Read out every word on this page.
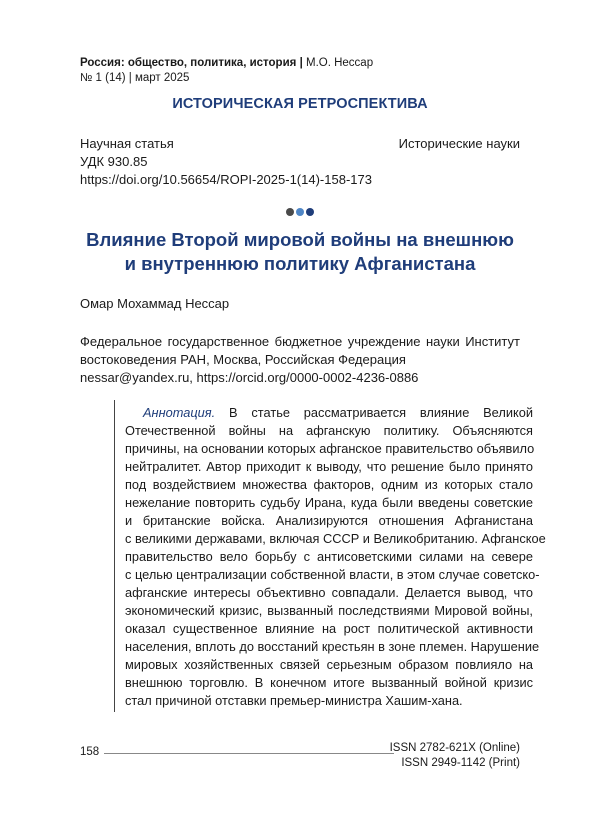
Россия: общество, политика, история | М.О. Нессар
№ 1 (14) | март 2025
ИСТОРИЧЕСКАЯ РЕТРОСПЕКТИВА
Научная статья
УДК 930.85
https://doi.org/10.56654/ROPI-2025-1(14)-158-173
Исторические науки
Влияние Второй мировой войны на внешнюю
и внутреннюю политику Афганистана
Омар Мохаммад Нессар
Федеральное государственное бюджетное учреждение науки Институт
востоковедения РАН, Москва, Российская Федерация
nessar@yandex.ru, https://orcid.org/0000-0002-4236-0886
Аннотация. В статье рассматривается влияние Великой
Отечественной войны на афганскую политику. Объясняются
причины, на основании которых афганское правительство объявило
нейтралитет. Автор приходит к выводу, что решение было принято
под воздействием множества факторов, одним из которых стало
нежелание повторить судьбу Ирана, куда были введены советские
и британские войска. Анализируются отношения Афганистана
с великими державами, включая СССР и Великобританию. Афганское
правительство вело борьбу с антисоветскими силами на севере
с целью централизации собственной власти, в этом случае советско-
афганские интересы объективно совпадали. Делается вывод, что
экономический кризис, вызванный последствиями Мировой войны,
оказал существенное влияние на рост политической активности
населения, вплоть до восстаний крестьян в зоне племен. Нарушение
мировых хозяйственных связей серьезным образом повлияло на
внешнюю торговлю. В конечном итоге вызванный войной кризис
стал причиной отставки премьер-министра Хашим-хана.
158	ISSN 2782-621X (Online)
ISSN 2949-1142 (Print)
